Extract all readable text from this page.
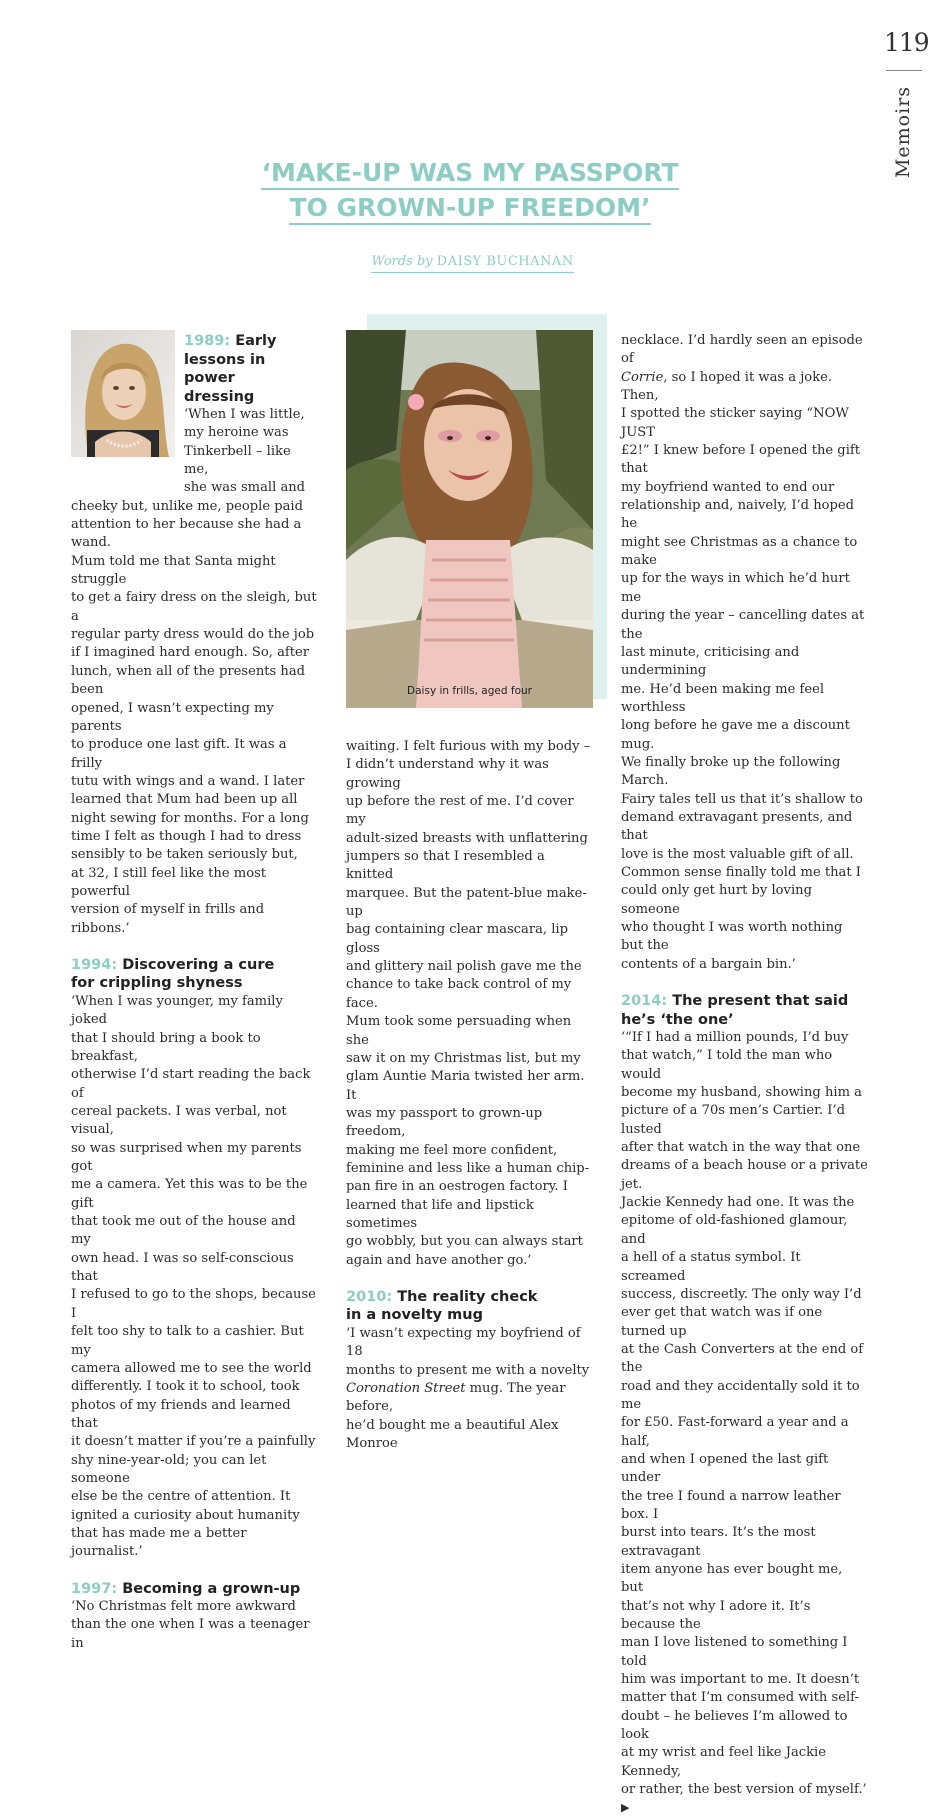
119
Memoirs
‘MAKE-UP WAS MY PASSPORT
TO GROWN-UP FREEDOM’
Words by DAISY BUCHANAN
1989: Early
lessons in power
dressing
‘When I was little,
my heroine was
Tinkerbell – like me,
she was small and
cheeky but, unlike me, people paid
attention to her because she had a wand.
Mum told me that Santa might struggle
to get a fairy dress on the sleigh, but a
regular party dress would do the job
if I imagined hard enough. So, after
lunch, when all of the presents had been
opened, I wasn’t expecting my parents
to produce one last gift. It was a frilly
tutu with wings and a wand. I later
learned that Mum had been up all
night sewing for months. For a long
time I felt as though I had to dress
sensibly to be taken seriously but,
at 32, I still feel like the most powerful
version of myself in frills and ribbons.’
1994: Discovering a cure
for crippling shyness
‘When I was younger, my family joked
that I should bring a book to breakfast,
otherwise I’d start reading the back of
cereal packets. I was verbal, not visual,
so was surprised when my parents got
me a camera. Yet this was to be the gift
that took me out of the house and my
own head. I was so self-conscious that
I refused to go to the shops, because I
felt too shy to talk to a cashier. But my
camera allowed me to see the world
differently. I took it to school, took
photos of my friends and learned that
it doesn’t matter if you’re a painfully
shy nine-year-old; you can let someone
else be the centre of attention. It
ignited a curiosity about humanity
that has made me a better journalist.’
1997: Becoming a grown-up
‘No Christmas felt more awkward
than the one when I was a teenager in
Daisy in frills, aged four
waiting. I felt furious with my body –
I didn’t understand why it was growing
up before the rest of me. I’d cover my
adult-sized breasts with unflattering
jumpers so that I resembled a knitted
marquee. But the patent-blue make-up
bag containing clear mascara, lip gloss
and glittery nail polish gave me the
chance to take back control of my face.
Mum took some persuading when she
saw it on my Christmas list, but my
glam Auntie Maria twisted her arm. It
was my passport to grown-up freedom,
making me feel more confident,
feminine and less like a human chip-
pan fire in an oestrogen factory. I
learned that life and lipstick sometimes
go wobbly, but you can always start
again and have another go.’
2010: The reality check
in a novelty mug
‘I wasn’t expecting my boyfriend of 18
months to present me with a novelty
Coronation Street mug. The year before,
he’d bought me a beautiful Alex Monroe
necklace. I’d hardly seen an episode of
Corrie, so I hoped it was a joke. Then,
I spotted the sticker saying “NOW JUST
£2!” I knew before I opened the gift that
my boyfriend wanted to end our
relationship and, naively, I’d hoped he
might see Christmas as a chance to make
up for the ways in which he’d hurt me
during the year – cancelling dates at the
last minute, criticising and undermining
me. He’d been making me feel worthless
long before he gave me a discount mug.
We finally broke up the following March.
Fairy tales tell us that it’s shallow to
demand extravagant presents, and that
love is the most valuable gift of all.
Common sense finally told me that I
could only get hurt by loving someone
who thought I was worth nothing but the
contents of a bargain bin.’
2014: The present that said
he’s ‘the one’
‘“If I had a million pounds, I’d buy
that watch,” I told the man who would
become my husband, showing him a
picture of a 70s men’s Cartier. I’d lusted
after that watch in the way that one
dreams of a beach house or a private jet.
Jackie Kennedy had one. It was the
epitome of old-fashioned glamour, and
a hell of a status symbol. It screamed
success, discreetly. The only way I’d
ever get that watch was if one turned up
at the Cash Converters at the end of the
road and they accidentally sold it to me
for £50. Fast-forward a year and a half,
and when I opened the last gift under
the tree I found a narrow leather box. I
burst into tears. It’s the most extravagant
item anyone has ever bought me, but
that’s not why I adore it. It’s because the
man I love listened to something I told
him was important to me. It doesn’t
matter that I’m consumed with self-
doubt – he believes I’m allowed to look
at my wrist and feel like Jackie Kennedy,
or rather, the best version of myself.’ ▶
